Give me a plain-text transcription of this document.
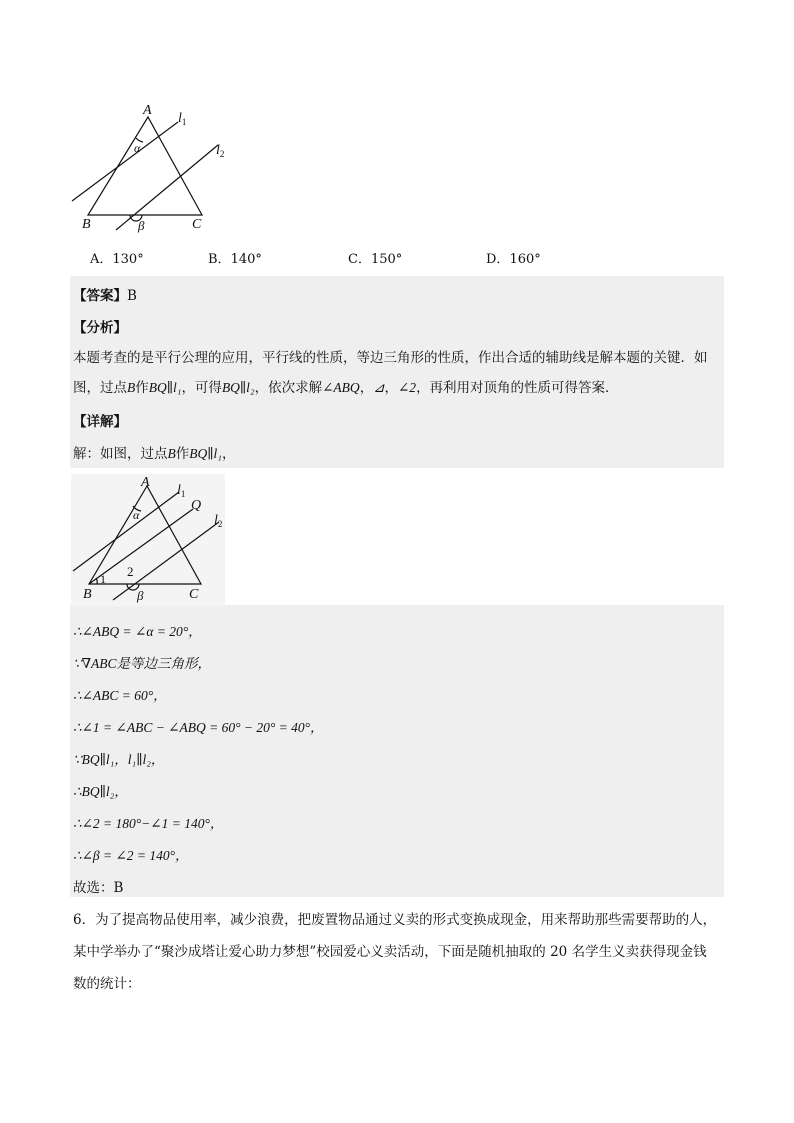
A
B	C
$l_1$
$l_2$
α
β
A．130°	B．140°	C．150°	D．160°
【答案】B
【分析】
本题考查的是平行公理的应用，平行线的性质，等边三角形的性质，作出合适的辅助线是解本题的关键．如
图，过点B作BQ∥l₁，可得BQ∥l₂，依次求解∠ABQ，⊿，∠2，再利用对顶角的性质可得答案．
【详解】
解：如图，过点B作BQ∥l₁，
A
B	C
Q
$l_1$
$l_2$
α
β
1 2
∴∠ABQ = ∠α = 20°，
∵∇ABC是等边三角形，
∴∠ABC = 60°，
∴∠1 = ∠ABC − ∠ABQ = 60° − 20° = 40°，
∵BQ∥l₁，l₁∥l₂，
∴BQ∥l₂，
∴∠2 = 180°−∠1 = 140°，
∴∠β = ∠2 = 140°，
故选：B
6．为了提高物品使用率，减少浪费，把废置物品通过义卖的形式变换成现金，用来帮助那些需要帮助的人，
某中学举办了“聚沙成塔让爱心助力梦想”校园爱心义卖活动，下面是随机抽取的 20 名学生义卖获得现金钱
数的统计：
